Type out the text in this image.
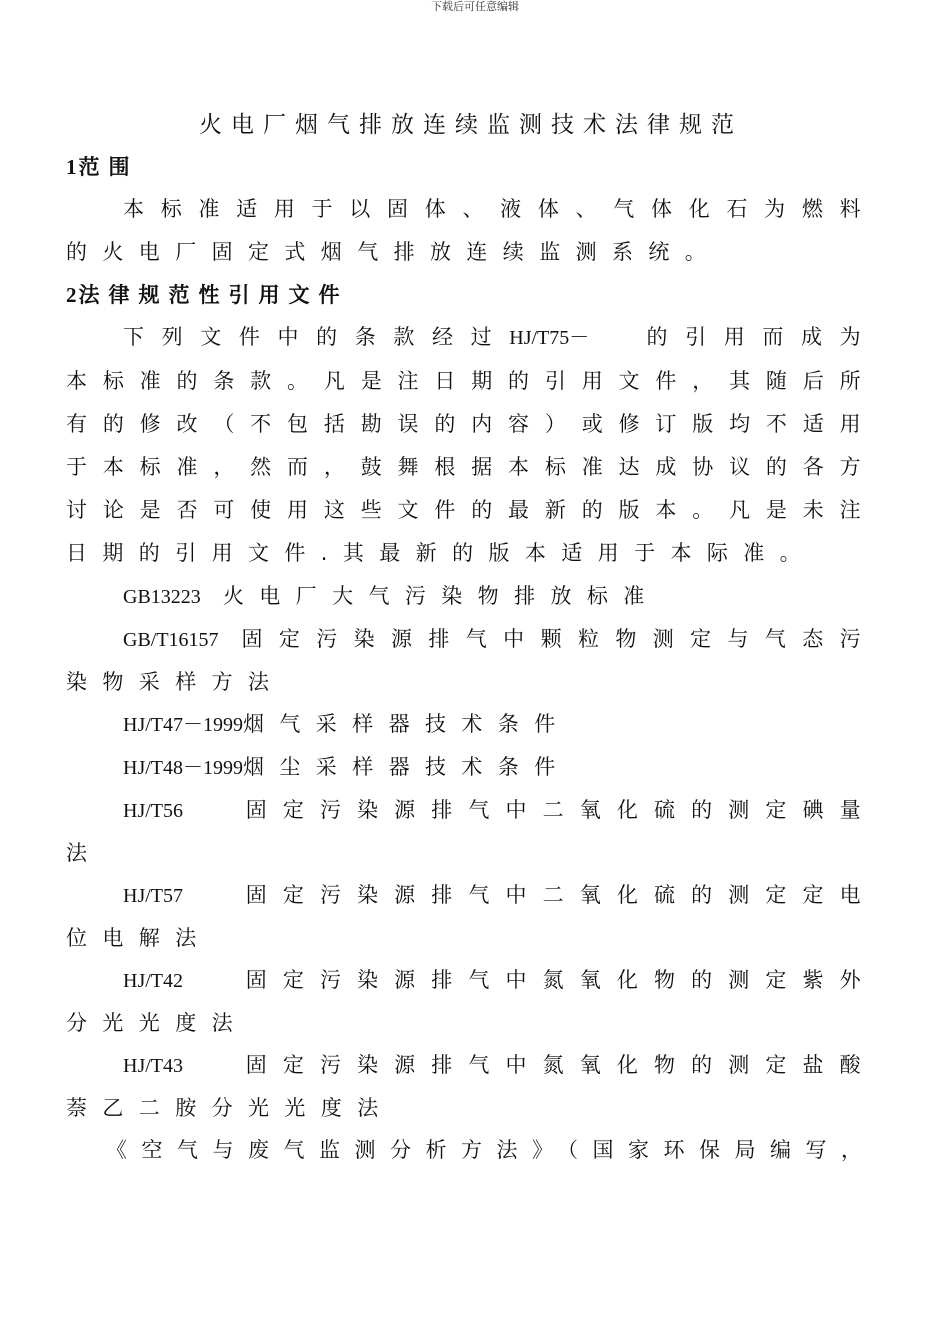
下载后可任意编辑
火电厂烟气排放连续监测技术法律规范
1范围

本标准适用于以固体、液体、气体化石为燃料的火电厂固定式烟气排放连续监测系统。

2法律规范性引用文件

下列文件中的条款经过HJ/T75－	的引用而成为本标准的条款。凡是注日期的引用文件，其随后所有的修改（不包括勘误的内容）或修订版均不适用于本标准，然而，鼓舞根据本标准达成协议的各方讨论是否可使用这些文件的最新的版本。凡是未注日期的引用文件.其最新的版本适用于本际准。

GB13223 火电厂大气污染物排放标准

GB/T16157 固定污染源排气中颗粒物测定与气态污染物采样方法

HJ/T47－1999烟气采样器技术条件

HJ/T48－1999烟尘采样器技术条件

HJ/T56	固定污染源排气中二氧化硫的测定碘量法

HJ/T57	固定污染源排气中二氧化硫的测定定电位电解法

HJ/T42	固定污染源排气中氮氧化物的测定紫外分光光度法

HJ/T43	固定污染源排气中氮氧化物的测定盐酸萘乙二胺分光光度法

《空气与废气监测分析方法》（国家环保局编写，
